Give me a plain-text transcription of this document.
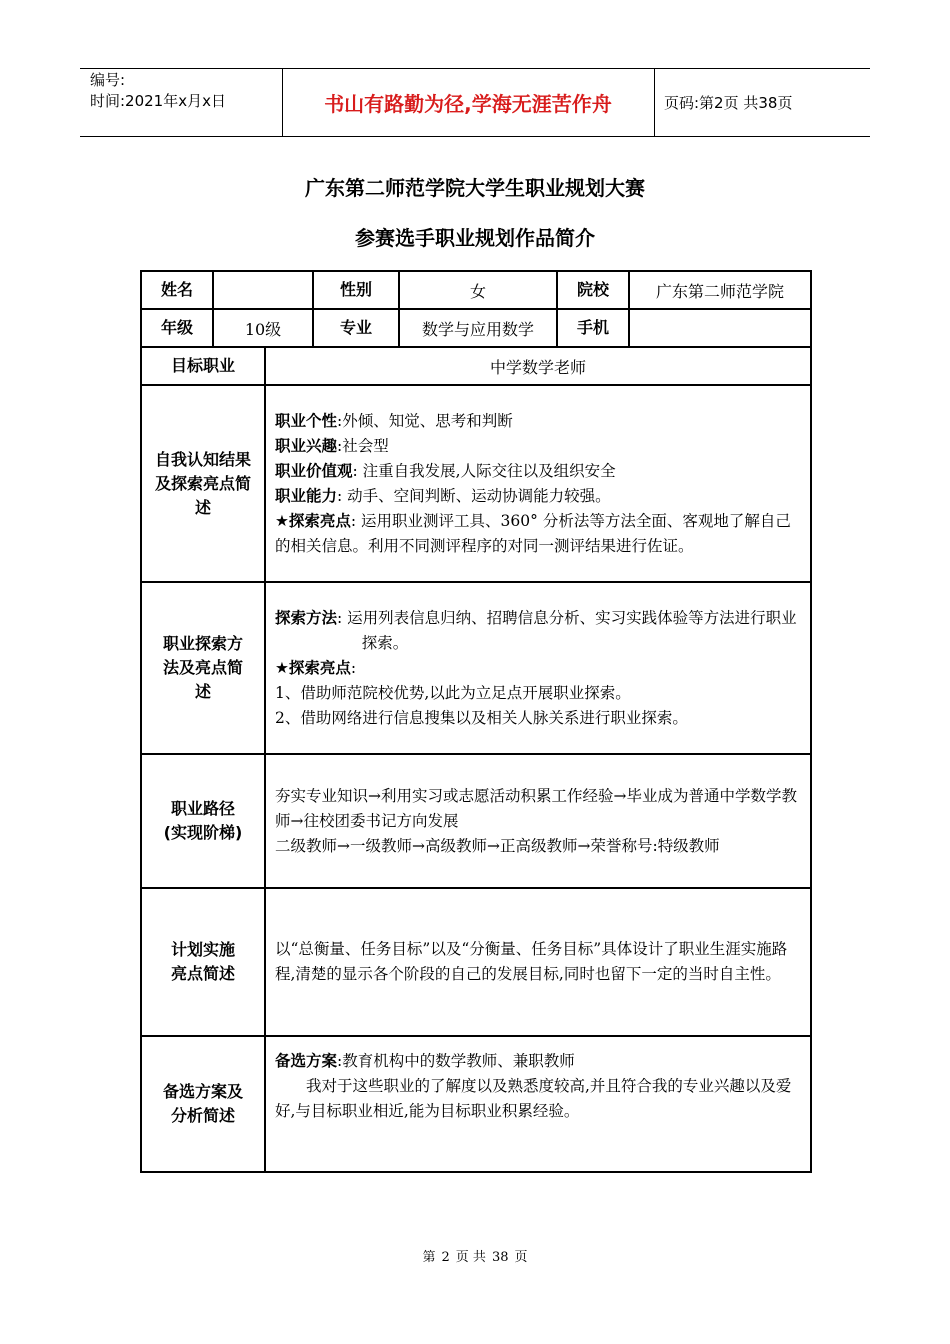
编号:
时间:2021年x月x日	书山有路勤为径,学海无涯苦作舟	页码:第2页 共38页
广东第二师范学院大学生职业规划大赛
参赛选手职业规划作品简介
姓名			性别	女	院校	广东第二师范学院
年级	10级		专业	数学与应用数学	手机	
目标职业		中学数学老师				
自我认知结果及探索亮点简述		职业个性:外倾、知觉、思考和判断
职业兴趣:社会型
职业价值观: 注重自我发展,人际交往以及组织安全
职业能力: 动手、空间判断、运动协调能力较强。
★探索亮点: 运用职业测评工具、360° 分析法等方法全面、客观地了解自己的相关信息。利用不同测评程序的对同一测评结果进行佐证。				

职业探索方法及亮点简述		探索方法: 运用列表信息归纳、招聘信息分析、实习实践体验等方法进行职业探索。
★探索亮点:
1、借助师范院校优势,以此为立足点开展职业探索。
2、借助网络进行信息搜集以及相关人脉关系进行职业探索。				

职业路径(实现阶梯)		夯实专业知识→利用实习或志愿活动积累工作经验→毕业成为普通中学数学教师→往校团委书记方向发展
二级教师→一级教师→高级教师→正高级教师→荣誉称号:特级教师				

计划实施亮点简述		以“总衡量、任务目标”以及“分衡量、任务目标”具体设计了职业生涯实施路程,清楚的显示各个阶段的自己的发展目标,同时也留下一定的当时自主性。				

备选方案及分析简述		备选方案:教育机构中的数学教师、兼职教师
我对于这些职业的了解度以及熟悉度较高,并且符合我的专业兴趣以及爱好,与目标职业相近,能为目标职业积累经验。				
第 2 页 共 38 页
